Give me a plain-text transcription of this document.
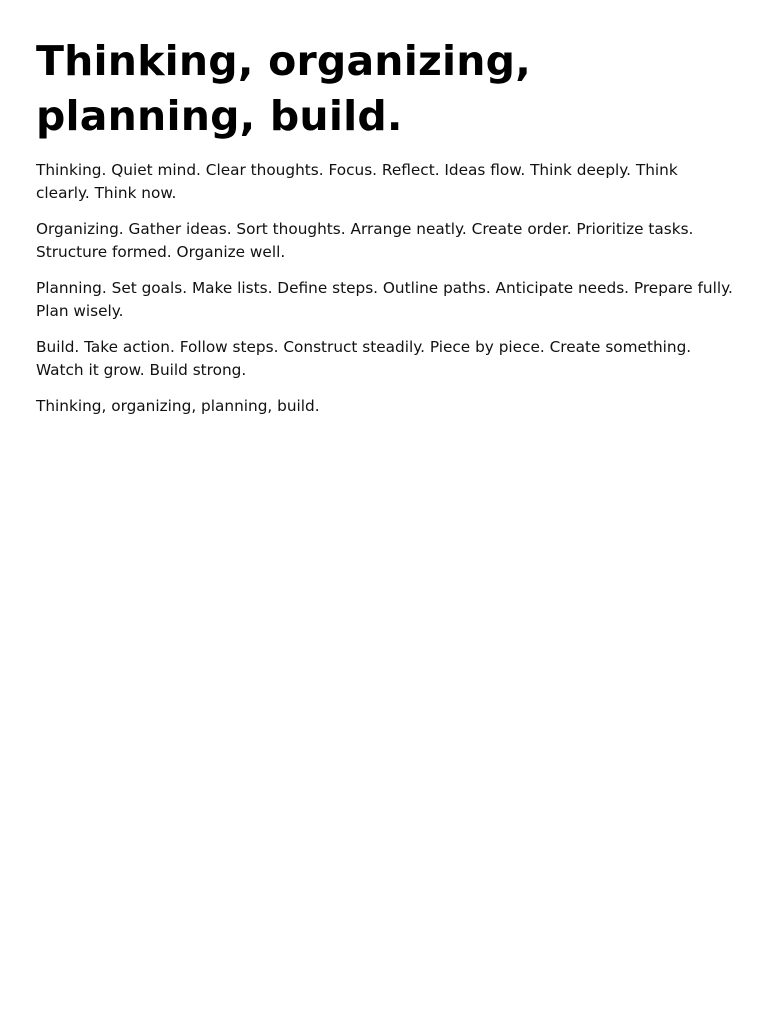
Thinking, organizing, planning, build.

Thinking. Quiet mind. Clear thoughts. Focus. Reflect. Ideas flow. Think deeply. Think clearly. Think now.

Organizing. Gather ideas. Sort thoughts. Arrange neatly. Create order. Prioritize tasks. Structure formed. Organize well.

Planning. Set goals. Make lists. Define steps. Outline paths. Anticipate needs. Prepare fully. Plan wisely.

Build. Take action. Follow steps. Construct steadily. Piece by piece. Create something. Watch it grow. Build strong.

Thinking, organizing, planning, build.
